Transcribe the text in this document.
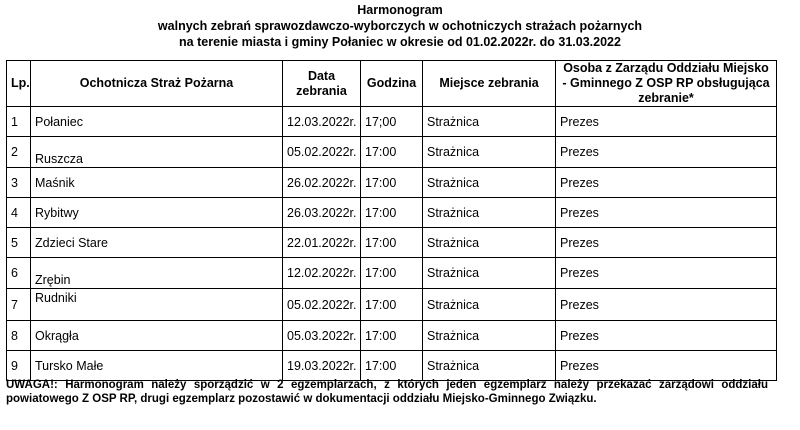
Harmonogram
walnych zebrań sprawozdawczo-wyborczych w ochotniczych strażach pożarnych
na terenie miasta i gminy Połaniec w okresie od 01.02.2022r. do 31.03.2022
Lp.	Ochotnicza Straż Pożarna	Data zebrania	Godzina	Miejsce zebrania	Osoba z Zarządu Oddziału Miejsko - Gminnego Z OSP RP obsługująca zebranie*
1	Połaniec	12.03.2022r.	17;00	Strażnica	Prezes
2	Ruszcza	05.02.2022r.	17:00	Strażnica	Prezes
3	Maśnik	26.02.2022r.	17:00	Strażnica	Prezes
4	Rybitwy	26.03.2022r.	17:00	Strażnica	Prezes
5	Zdzieci Stare	22.01.2022r.	17:00	Strażnica	Prezes
6	Zrębin	12.02.2022r.	17:00	Strażnica	Prezes
7	Rudniki	05.02.2022r.	17:00	Strażnica	Prezes
8	Okrągła	05.03.2022r.	17:00	Strażnica	Prezes
9	Tursko Małe	19.03.2022r.	17:00	Strażnica	Prezes
UWAGA!: Harmonogram należy sporządzić w 2 egzemplarzach, z których jeden egzemplarz należy przekazać zarządowi oddziału powiatowego Z OSP RP, drugi egzemplarz pozostawić w dokumentacji oddziału Miejsko-Gminnego Związku.
